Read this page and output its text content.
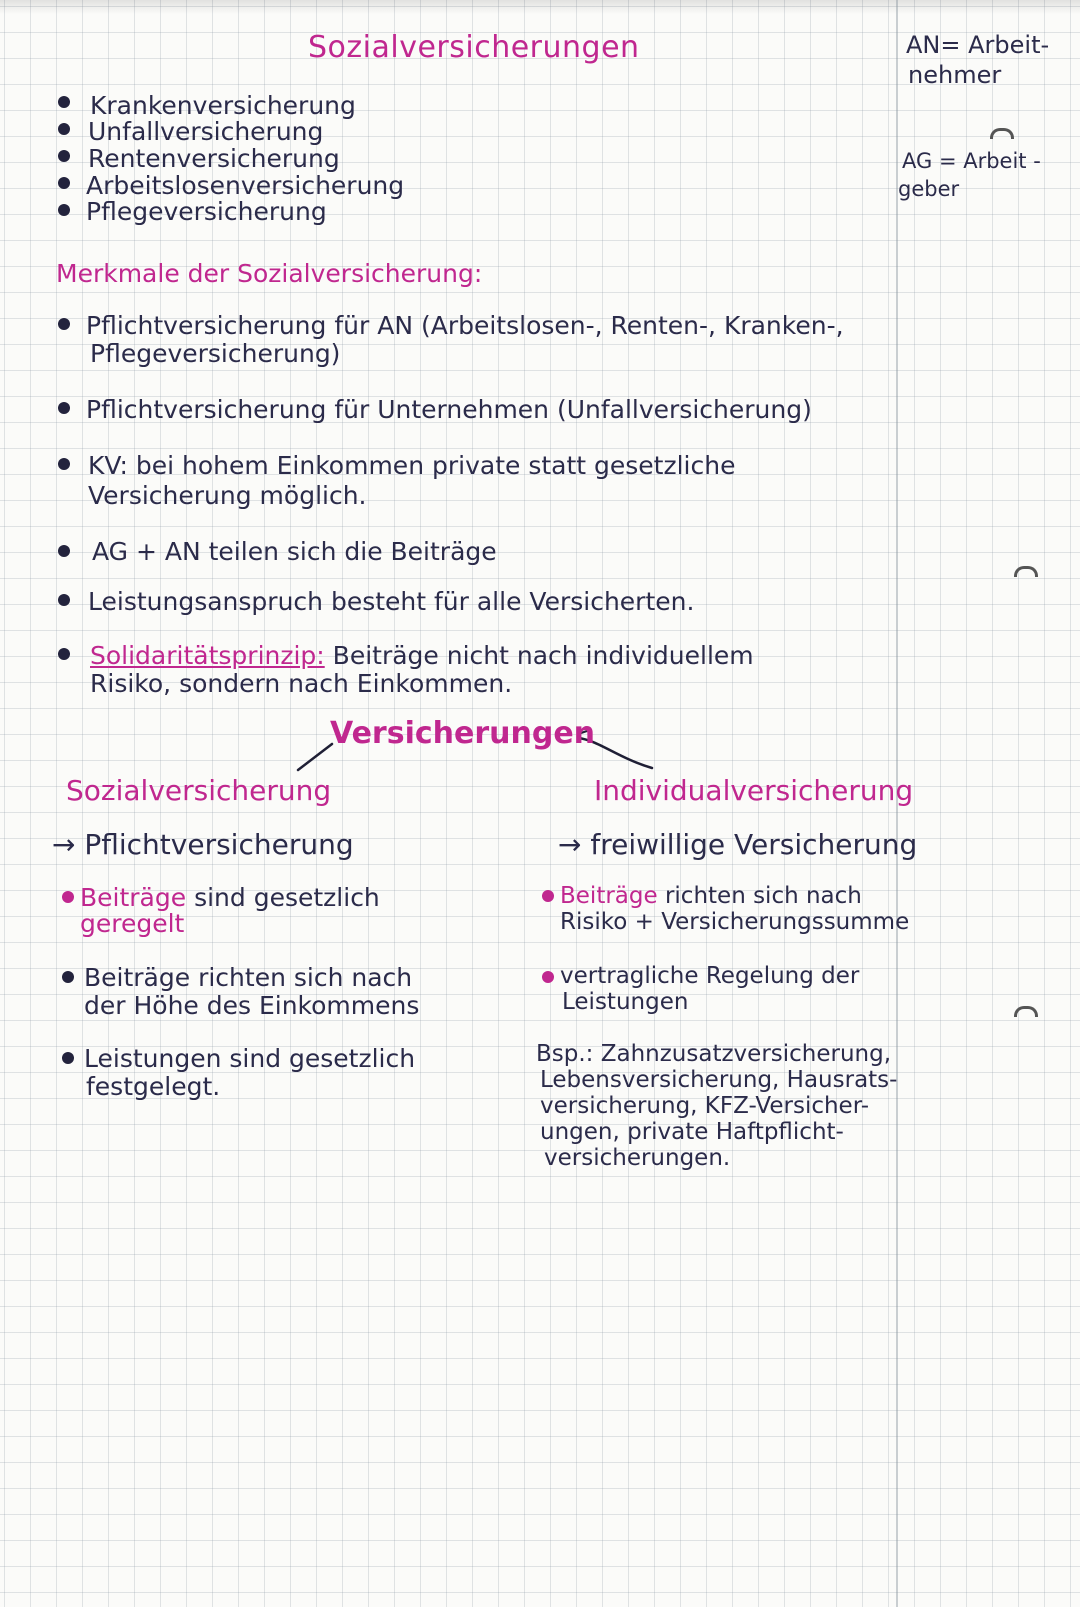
Sozialversicherungen	AN= Arbeit-
nehmer
AG = Arbeit -
geber
Krankenversicherung
Unfallversicherung
Rentenversicherung
Arbeitslosenversicherung
Pflegeversicherung
Merkmale der Sozialversicherung:
Pflichtversicherung für AN (Arbeitslosen-, Renten-, Kranken-,
Pflegeversicherung)
Pflichtversicherung für Unternehmen (Unfallversicherung)
KV: bei hohem Einkommen private statt gesetzliche
Versicherung möglich.
AG + AN teilen sich die Beiträge
Leistungsanspruch besteht für alle Versicherten.
Solidaritätsprinzip: Beiträge nicht nach individuellem
Risiko, sondern nach Einkommen.
Versicherungen
Sozialversicherung
→ Pflichtversicherung
Beiträge sind gesetzlich
geregelt
Beiträge richten sich nach
der Höhe des Einkommens
Leistungen sind gesetzlich
festgelegt.
Individualversicherung
→ freiwillige Versicherung
Beiträge richten sich nach
Risiko + Versicherungssumme
vertragliche Regelung der
Leistungen
Bsp.: Zahnzusatzversicherung,
Lebensversicherung, Hausrats-
versicherung, KFZ-Versicher-
ungen, private Haftpflicht-
versicherungen.
